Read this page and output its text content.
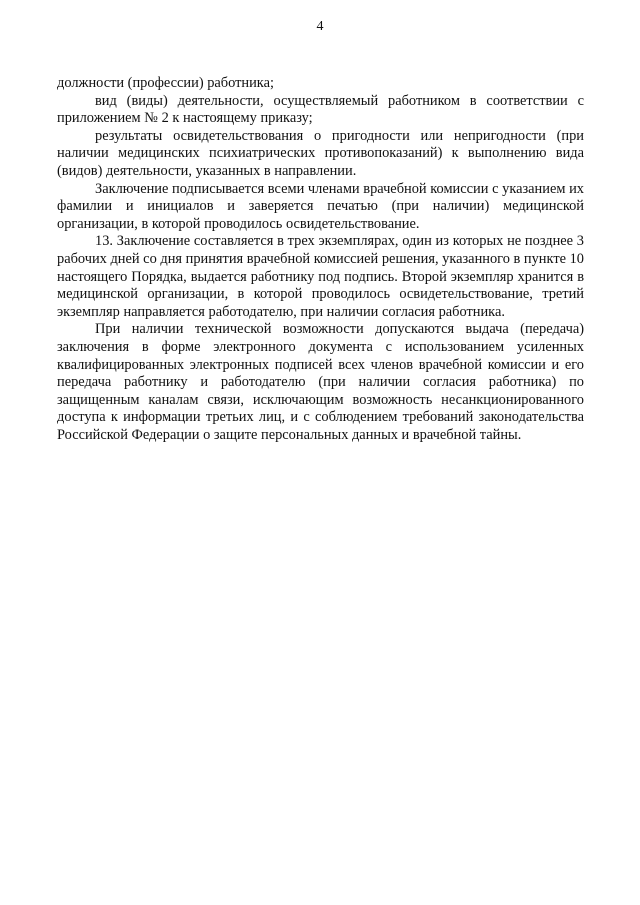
4

должности (профессии) работника;

вид (виды) деятельности, осуществляемый работником в соответствии с приложением № 2 к настоящему приказу;

результаты освидетельствования о пригодности или непригодности (при наличии медицинских психиатрических противопоказаний) к выполнению вида (видов) деятельности, указанных в направлении.

Заключение подписывается всеми членами врачебной комиссии с указанием их фамилии и инициалов и заверяется печатью (при наличии) медицинской организации, в которой проводилось освидетельствование.

13. Заключение составляется в трех экземплярах, один из которых не позднее 3 рабочих дней со дня принятия врачебной комиссией решения, указанного в пункте 10 настоящего Порядка, выдается работнику под подпись. Второй экземпляр хранится в медицинской организации, в которой проводилось освидетельствование, третий экземпляр направляется работодателю, при наличии согласия работника.

При наличии технической возможности допускаются выдача (передача) заключения в форме электронного документа с использованием усиленных квалифицированных электронных подписей всех членов врачебной комиссии и его передача работнику и работодателю (при наличии согласия работника) по защищенным каналам связи, исключающим возможность несанкционированного доступа к информации третьих лиц, и с соблюдением требований законодательства Российской Федерации о защите персональных данных и врачебной тайны.
